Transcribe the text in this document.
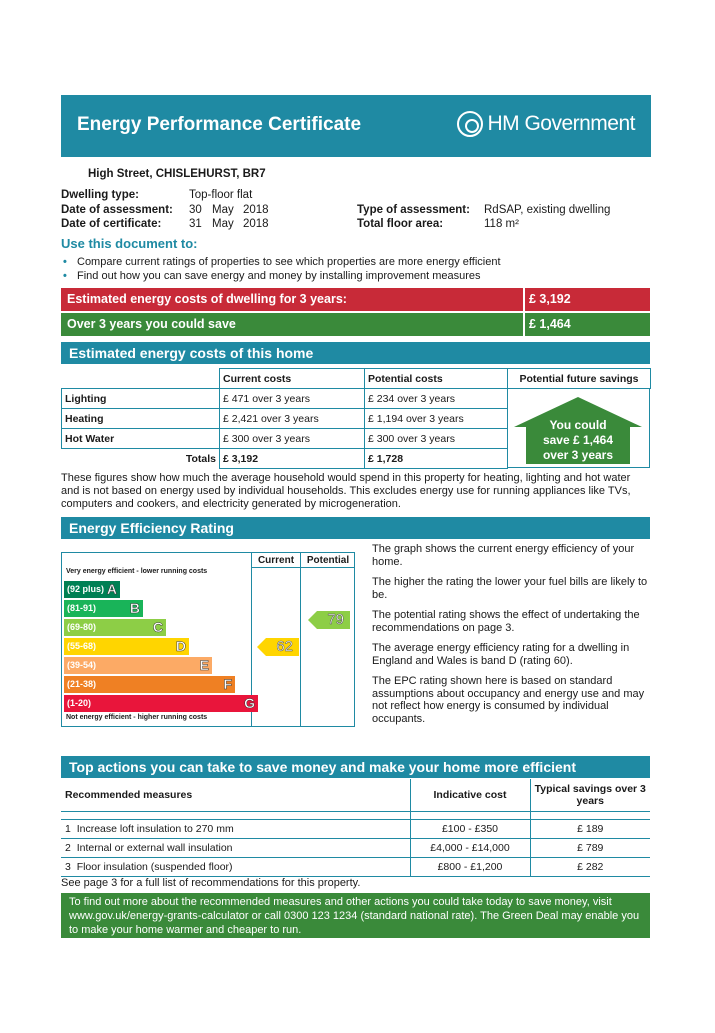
Energy Performance Certificate	HM Government
High Street, CHISLEHURST, BR7
Dwelling type:	Top-floor flat
Date of assessment: 30 May 2018
Date of certificate: 31 May 2018
Type of assessment: RdSAP, existing dwelling
Total floor area:	118 m²
Use this document to:
• Compare current ratings of properties to see which properties are more energy efficient
• Find out how you can save energy and money by installing improvement measures
Estimated energy costs of dwelling for 3 years:	£ 3,192
Over 3 years you could save	£ 1,464
Estimated energy costs of this home
	Current costs	Potential costs	Potential future savings
Lighting	£ 471 over 3 years	£ 234 over 3 years	
Heating	£ 2,421 over 3 years	£ 1,194 over 3 years	
Hot Water	£ 300 over 3 years	£ 300 over 3 years	
Totals	£ 3,192	£ 1,728	
You could
save £ 1,464
over 3 years
These figures show how much the average household would spend in this property for heating, lighting and hot water and is not based on energy used by individual households. This excludes energy use for running appliances like TVs, computers and cookers, and electricity generated by microgeneration.
Energy Efficiency Rating
Current	Potential
Very energy efficient - lower running costs
Not energy efficient - higher running costs
(92 plus) A
(81-91) B
(69-80)	C
(55-68)	D
(39-54)	E
(21-38)	F
(1-20)	G
62
79

The graph shows the current energy efficiency of your home.

The higher the rating the lower your fuel bills are likely to be.

The potential rating shows the effect of undertaking the recommendations on page 3.

The average energy efficiency rating for a dwelling in England and Wales is band D (rating 60).

The EPC rating shown here is based on standard assumptions about occupancy and energy use and may not reflect how energy is consumed by individual occupants.

Top actions you can take to save money and make your home more efficient
Recommended measures	Indicative cost	Typical savings over 3 years

1 Increase loft insulation to 270 mm	£100 - £350	£ 189
2 Internal or external wall insulation	£4,000 - £14,000	£ 789
3 Floor insulation (suspended floor)	£800 - £1,200	£ 282
See page 3 for a full list of recommendations for this property.
To find out more about the recommended measures and other actions you could take today to save money, visit www.gov.uk/energy-grants-calculator or call 0300 123 1234 (standard national rate). The Green Deal may enable you to make your home warmer and cheaper to run.
